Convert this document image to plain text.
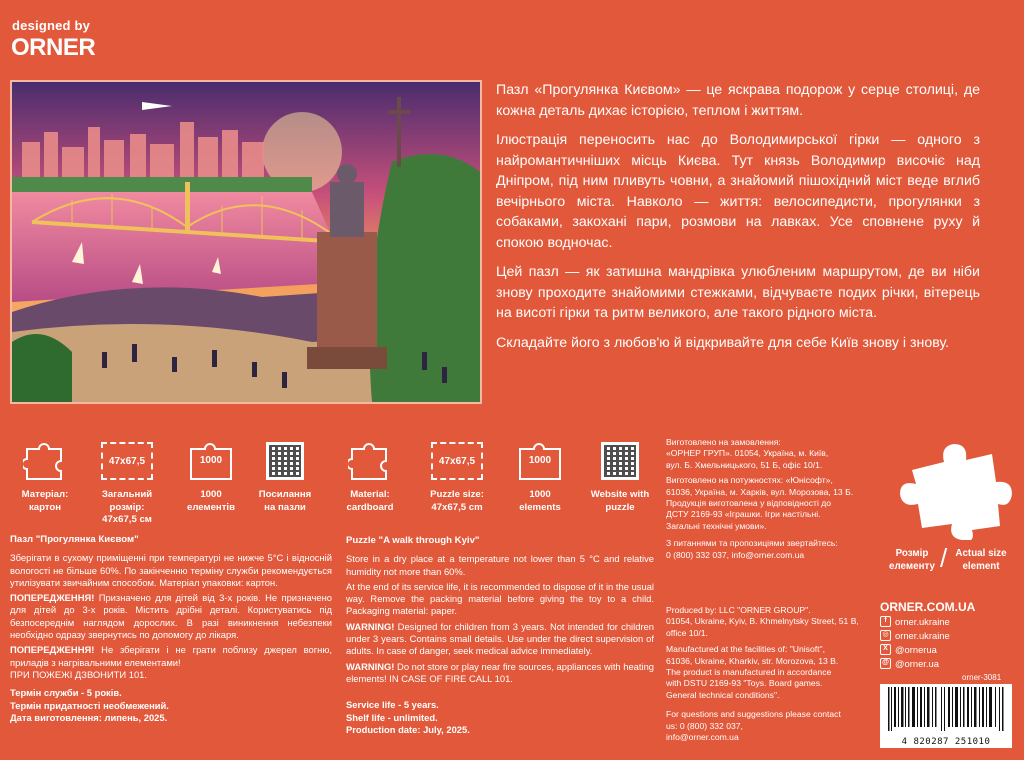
designed by
ORNER

Пазл «Прогулянка Києвом» — це яскрава подорож у серце столиці, де кожна деталь дихає історією, теплом і життям.

Ілюстрація переносить нас до Володимирської гірки — одного з найромантичніших місць Києва. Тут князь Володимир височіє над Дніпром, під ним пливуть човни, а знайомий пішохідний міст веде вглиб вечірнього міста. Навколо — життя: велосипедисти, прогулянки з собаками, закохані пари, розмови на лавках. Усе сповнене руху й спокою водночас.

Цей пазл — як затишна мандрівка улюбленим маршрутом, де ви ніби знову проходите знайомими стежками, відчуваєте подих річки, вітерець на висоті гірки та ритм великого, але такого рідного міста.

Складайте його з любов'ю й відкривайте для себе Київ знову і знову.

Матеріал:
картон
47x67,5
Загальний розмір:
47x67,5 см
1000
1000
елементів
Посилання
на пазли
Material:
cardboard
47x67,5
Puzzle size:
47x67,5 cm
1000
1000
elements
Website with
puzzle

Виготовлено на замовлення:
«ОРНЕР ГРУП». 01054, Україна, м. Київ,
вул. Б. Хмельницького, 51 Б, офіс 10/1.

Виготовлено на потужностях: «Юнісофт»,
61036, Україна, м. Харків, вул. Морозова, 13 Б.
Продукція виготовлена у відповідності до
ДСТУ 2169-93 «Іграшки. Ігри настільні.
Загальні технічні умови».

З питаннями та пропозиціями звертайтесь:
0 (800) 332 037, info@orner.com.ua	Розмір
елементу / Actual size
element
Пазл "Прогулянка Києвом"

Зберігати в сухому приміщенні при температурі не нижче 5°С і відносній вологості не більше 60%. По закінченню терміну служби рекомендується утилізувати звичайним способом. Матеріал упаковки: картон.

ПОПЕРЕДЖЕННЯ! Призначено для дітей від 3-х років. Не призначено для дітей до 3-х років. Містить дрібні деталі. Користуватись під безпосереднім наглядом дорослих. В разі виникнення небезпеки необхідно одразу звернутись по допомогу до лікаря.

ПОПЕРЕДЖЕННЯ! Не зберігати і не грати поблизу джерел вогню, приладів з нагрівальними елементами!
ПРИ ПОЖЕЖІ ДЗВОНИТИ 101.

Термін служби - 5 років.
Термін придатності необмежений.
Дата виготовлення: липень, 2025.
Puzzle "A walk through Kyiv"

Store in a dry place at a temperature not lower than 5 °C and relative humidity not more than 60%.

At the end of its service life, it is recommended to dispose of it in the usual way. Remove the packing material before giving the toy to a child. Packaging material: paper.

WARNING! Designed for children from 3 years. Not intended for children under 3 years. Contains small details. Use under the direct supervision of adults. In case of danger, seek medical advice immediately.

WARNING! Do not store or play near fire sources, appliances with heating elements! IN CASE OF FIRE CALL 101.

Service life - 5 years.
Shelf life - unlimited.
Production date: July, 2025.

Produced by: LLC "ORNER GROUP".
01054, Ukraine, Kyiv, B. Khmelnytsky Street, 51 B, office 10/1.

Manufactured at the facilities of: "Unisoft",
61036, Ukraine, Kharkiv, str. Morozova, 13 B.
The product is manufactured in accordance
with DSTU 2169-93 "Toys. Board games.
General technical conditions".

For questions and suggestions please contact
us: 0 (800) 332 037,
info@orner.com.ua

ORNER.COM.UA
f orner.ukraine
◎ orner.ukraine
X @ornerua
@ @orner.ua
orner-3081
4 820287 251010
